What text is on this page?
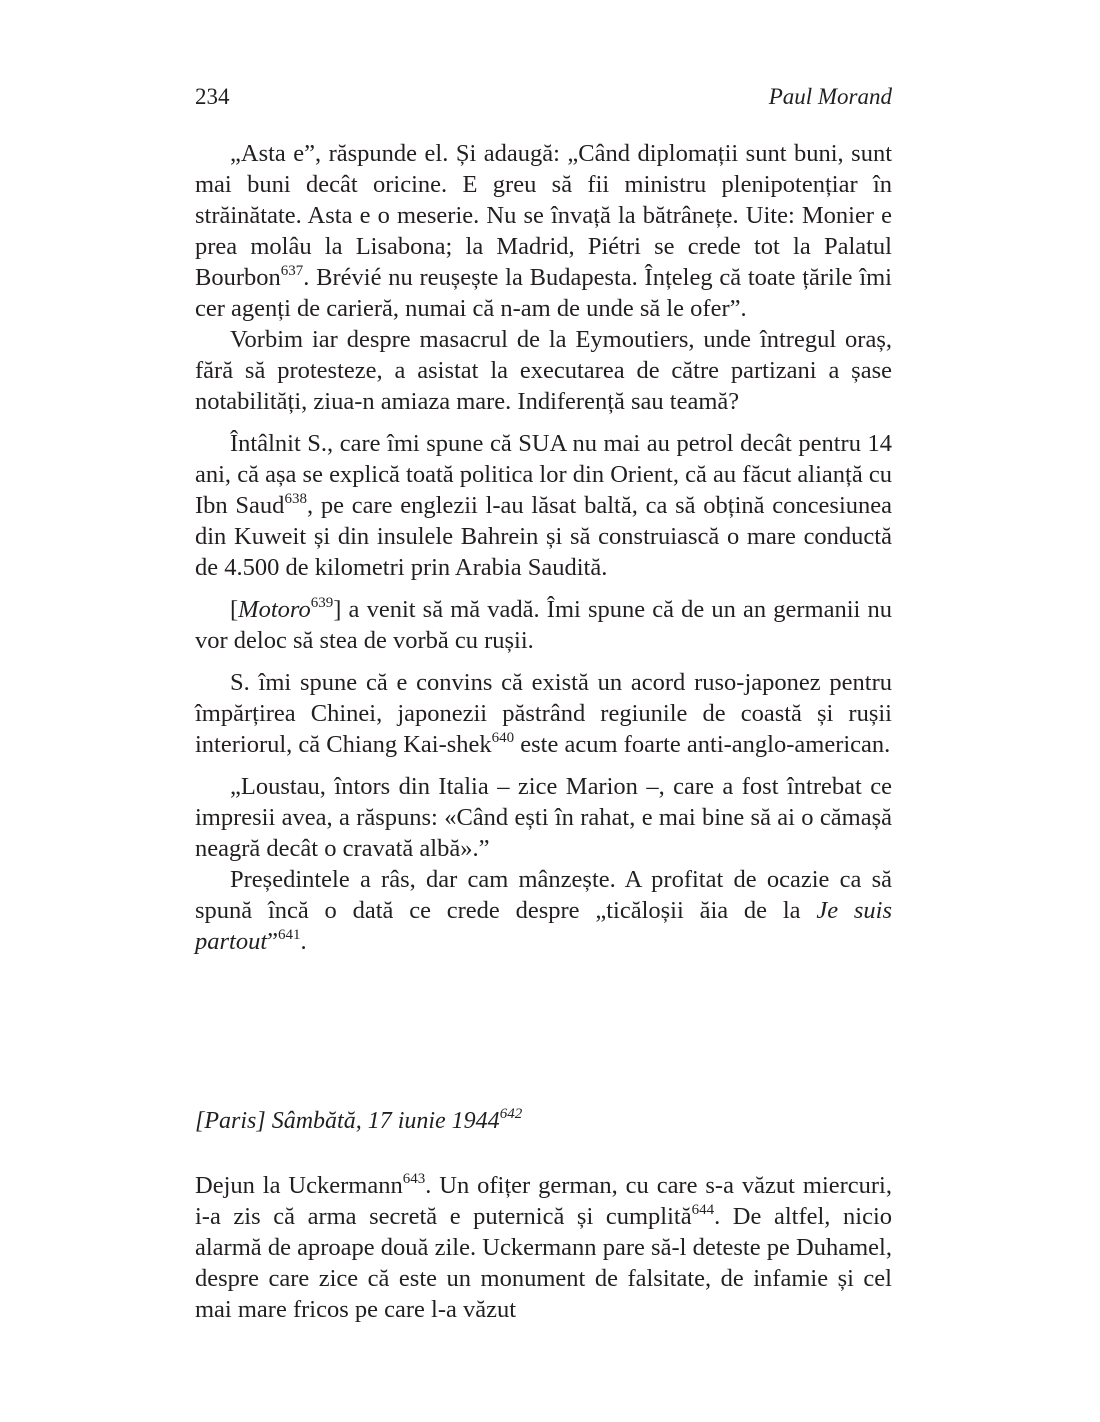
234	Paul Morand

„Asta e”, răspunde el. Și adaugă: „Când diplomații sunt buni, sunt mai buni decât oricine. E greu să fii ministru plenipotențiar în străinătate. Asta e o meserie. Nu se învață la bătrânețe. Uite: Monier e prea molâu la Lisabona; la Madrid, Piétri se crede tot la Palatul Bourbon$^{637}$. Brévié nu reușește la Budapesta. Înțeleg că toate țările îmi cer agenți de carieră, numai că n-am de unde să le ofer”.

Vorbim iar despre masacrul de la Eymoutiers, unde întregul oraș, fără să protesteze, a asistat la executarea de către partizani a șase notabilități, ziua-n amiaza mare. Indiferență sau teamă?

Întâlnit S., care îmi spune că SUA nu mai au petrol decât pentru 14 ani, că așa se explică toată politica lor din Orient, că au făcut alianță cu Ibn Saud$^{638}$, pe care englezii l-au lăsat baltă, ca să obțină concesiunea din Kuweit și din insulele Bahrein și să construiască o mare conductă de 4.500 de kilometri prin Arabia Saudită.

[Motoro$^{639}$] a venit să mă vadă. Îmi spune că de un an germanii nu vor deloc să stea de vorbă cu rușii.

S. îmi spune că e convins că există un acord ruso-japonez pentru împărțirea Chinei, japonezii păstrând regiunile de coastă și rușii interiorul, că Chiang Kai-shek$^{640}$ este acum foarte anti-anglo-american.

„Loustau, întors din Italia – zice Marion –, care a fost întrebat ce impresii avea, a răspuns: «Când ești în rahat, e mai bine să ai o cămașă neagră decât o cravată albă».”

Președintele a râs, dar cam mânzește. A profitat de ocazie ca să spună încă o dată ce crede despre „ticăloșii ăia de la Je suis partout”$^{641}$.

[Paris] Sâmbătă, 17 iunie 1944$^{642}$

Dejun la Uckermann$^{643}$. Un ofițer german, cu care s-a văzut miercuri, i-a zis că arma secretă e puternică și cumplită$^{644}$. De altfel, nicio alarmă de aproape două zile. Uckermann pare să-l deteste pe Duhamel, despre care zice că este un monument de falsitate, de infamie și cel mai mare fricos pe care l-a văzut
